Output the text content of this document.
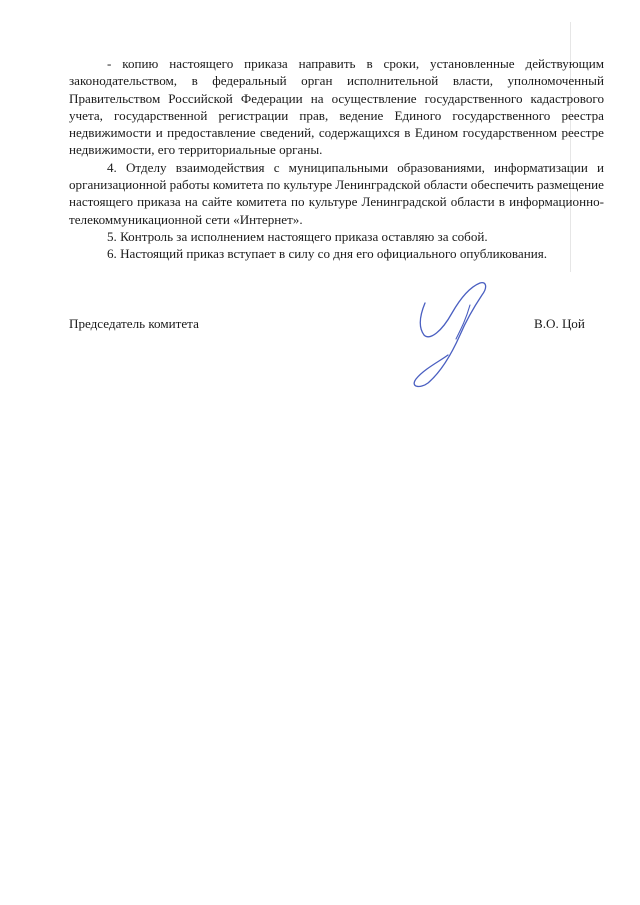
- копию настоящего приказа направить в сроки, установленные действующим законодательством, в федеральный орган исполнительной власти, уполномоченный Правительством Российской Федерации на осуществление государственного кадастрового учета, государственной регистрации прав, ведение Единого государственного реестра недвижимости и предоставление сведений, содержащихся в Едином государственном реестре недвижимости, его территориальные органы.

4. Отделу взаимодействия с муниципальными образованиями, информатизации и организационной работы комитета по культуре Ленинградской области обеспечить размещение настоящего приказа на сайте комитета по культуре Ленинградской области в информационно-телекоммуникационной сети «Интернет».

5. Контроль за исполнением настоящего приказа оставляю за собой.

6. Настоящий приказ вступает в силу со дня его официального опубликования.

Председатель комитета	В.О. Цой
